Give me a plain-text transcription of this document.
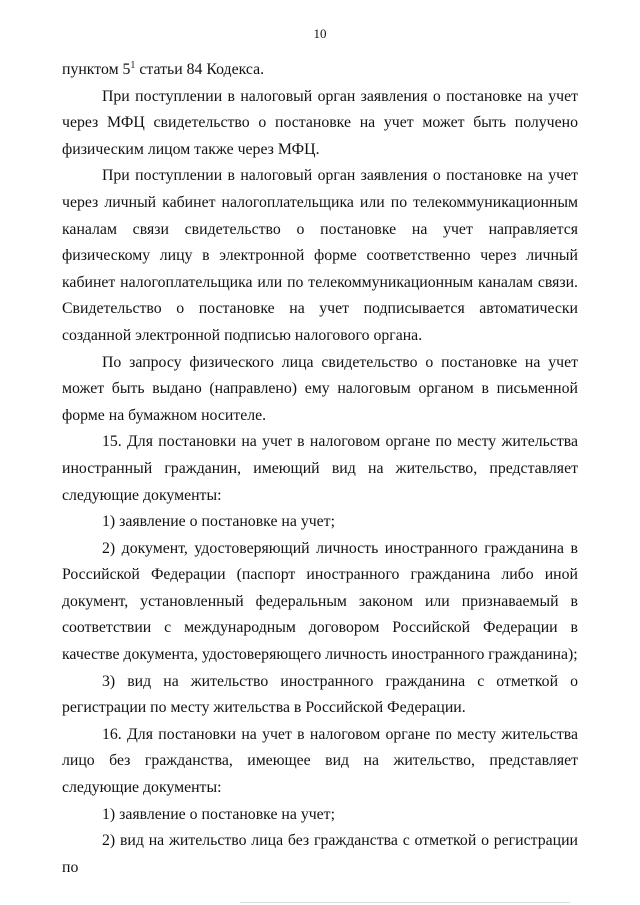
10

пунктом $5^1$ статьи 84 Кодекса.

При поступлении в налоговый орган заявления о постановке на учет через МФЦ свидетельство о постановке на учет может быть получено физическим лицом также через МФЦ.

При поступлении в налоговый орган заявления о постановке на учет через личный кабинет налогоплательщика или по телекоммуникационным каналам связи свидетельство о постановке на учет направляется физическому лицу в электронной форме соответственно через личный кабинет налогоплательщика или по телекоммуникационным каналам связи. Свидетельство о постановке на учет подписывается автоматически созданной электронной подписью налогового органа.

По запросу физического лица свидетельство о постановке на учет может быть выдано (направлено) ему налоговым органом в письменной форме на бумажном носителе.

15. Для постановки на учет в налоговом органе по месту жительства иностранный гражданин, имеющий вид на жительство, представляет следующие документы:

1) заявление о постановке на учет;

2) документ, удостоверяющий личность иностранного гражданина в Российской Федерации (паспорт иностранного гражданина либо иной документ, установленный федеральным законом или признаваемый в соответствии с международным договором Российской Федерации в качестве документа, удостоверяющего личность иностранного гражданина);

3) вид на жительство иностранного гражданина с отметкой о регистрации по месту жительства в Российской Федерации.

16. Для постановки на учет в налоговом органе по месту жительства лицо без гражданства, имеющее вид на жительство, представляет следующие документы:

1) заявление о постановке на учет;

2) вид на жительство лица без гражданства с отметкой о регистрации по
